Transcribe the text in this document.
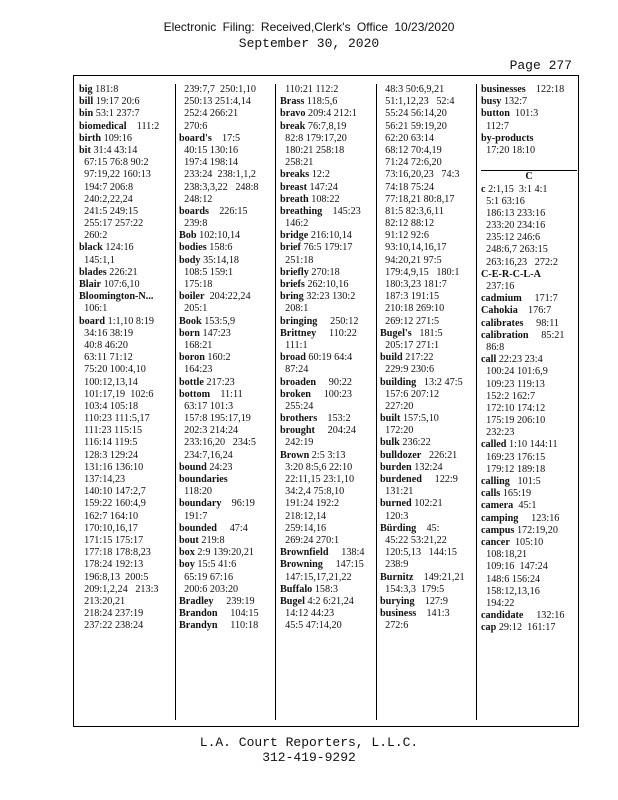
Electronic Filing: Received,Clerk's Office 10/23/2020
September 30, 2020
Page 277
big 181:8
bill 19:17 20:6
bin 53:1 237:7
biomedical    111:2
birth 109:16
bit 31:4 43:14
67:15 76:8 90:2
97:19,22 160:13
194:7 206:8
240:2,22,24
241:5 249:15
255:17 257:22
260:2
black 124:16
145:1,1
blades 226:21
Blair 107:6,10
Bloomington-N...
106:1
board 1:1,10 8:19
34:16 38:19
40:8 46:20
63:11 71:12
75:20 100:4,10
100:12,13,14
101:17,19  102:6
103:4 105:18
110:23 111:5,17
111:23 115:15
116:14 119:5
128:3 129:24
131:16 136:10
137:14,23
140:10 147:2,7
159:22 160:4,9
162:7 164:10
170:10,16,17
171:15 175:17
177:18 178:8,23
178:24 192:13
196:8,13  200:5
209:1,2,24   213:3
213:20,21
218:24 237:19
237:22 238:24
239:7,7  250:1,10
250:13 251:4,14
252:4 266:21
270:6
board's    17:5
40:15 130:16
197:4 198:14
233:24  238:1,1,2
238:3,3,22   248:8
248:12
boards    226:15
239:8
Bob 102:10,14
bodies 158:6
body 35:14,18
108:5 159:1
175:18
boiler  204:22,24
205:1
Book 153:5,9
born 147:23
168:21
boron 160:2
164:23
bottle 217:23
bottom    11:11
63:17 101:3
157:8 195:17,19
202:3 214:24
233:16,20   234:5
234:7,16,24
bound 24:23
boundaries
118:20
boundary    96:19
191:7
bounded     47:4
bout 219:8
box 2:9 139:20,21
boy 15:5 41:6
65:19 67:16
200:6 203:20
Bradley     239:19
Brandon     104:15
Brandyn     110:18
110:21 112:2
Brass 118:5,6
bravo 209:4 212:1
break 76:7,8,19
82:8 179:17,20
180:21 258:18
258:21
breaks 12:2
breast 147:24
breath 108:22
breathing    145:23
146:2
bridge 216:10,14
brief 76:5 179:17
251:18
briefly 270:18
briefs 262:10,16
bring 32:23 130:2
208:1
bringing     250:12
Brittney     110:22
111:1
broad 60:19 64:4
87:24
broaden     90:22
broken     100:23
255:24
brothers    153:2
brought     204:24
242:19
Brown 2:5 3:13
3:20 8:5,6 22:10
22:11,15 23:1,10
34:2,4 75:8,10
191:24 192:2
218:12,14
259:14,16
269:24 270:1
Brownfield     138:4
Browning     147:15
147:15,17,21,22
Buffalo 158:3
Bugel 4:2 6:21,24
14:12 44:23
45:5 47:14,20
48:3 50:6,9,21
51:1,12,23   52:4
55:24 56:14,20
56:21 59:19,20
62:20 63:14
68:12 70:4,19
71:24 72:6,20
73:16,20,23   74:3
74:18 75:24
77:18,21 80:8,17
81:5 82:3,6,11
82:12 88:12
91:12 92:6
93:10,14,16,17
94:20,21 97:5
179:4,9,15   180:1
180:3,23 181:7
187:3 191:15
210:18 269:10
269:12 271:5
Bugel's   181:5
205:17 271:1
build 217:22
229:9 230:6
building   13:2 47:5
157:6 207:12
227:20
built 157:5,10
172:20
bulk 236:22
bulldozer   226:21
burden 132:24
burdened     122:9
131:21
burned 102:21
120:3
Bürding    45:
45:22 53:21,22
120:5,13   144:15
238:9
Burnitz    149:21,21
154:3,3  179:5
burying    127:9
business    141:3
272:6
businesses    122:18
busy 132:7
button  101:3
112:7
by-products
17:20 18:10
C
c 2:1,15  3:1 4:1
5:1 63:16
186:13 233:16
233:20 234:16
235:12 246:6
248:6,7 263:15
263:16,23   272:2
C-E-R-C-L-A
237:16
cadmium     171:7
Cahokia    176:7
calibrates     98:11
calibration     85:21
86:8
call 22:23 23:4
100:24 101:6,9
109:23 119:13
152:2 162:7
172:10 174:12
175:19 206:10
232:23
called 1:10 144:11
169:23 176:15
179:12 189:18
calling   101:5
calls 165:19
camera  45:1
camping     123:16
campus 172:19,20
cancer  105:10
108:18,21
109:16  147:24
148:6 156:24
158:12,13,16
194:22
candidate     132:16
cap 29:12  161:17
L.A. Court Reporters, L.L.C.
312-419-9292
